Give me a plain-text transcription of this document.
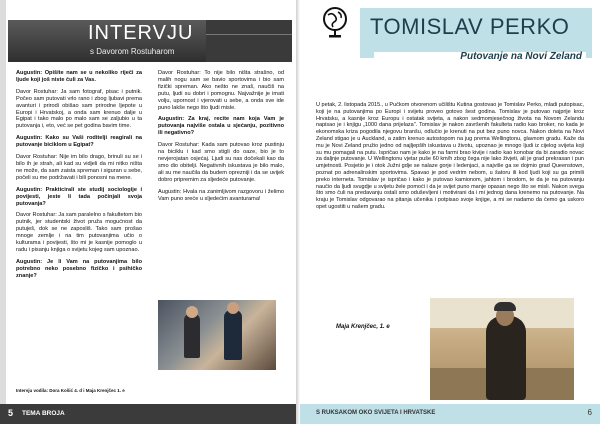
INTERVJU
s Davorom Rostuharom

Augustin: Opišite nam se u nekoliko riječi za ljude koji još niste čuli za Vas.

Davor Rostuhar: Ja sam fotograf, pisac i putnik. Počeo sam putovati vrlo rano i zbog ljubavi prema avanturi i prirodi obišao sam prirodne ljepote u Europi i Hrvatskoj, a onda sam krenuo dalje u Egipat i tako malo po malo sam se zaljubio u ta putovanja i, eto, već se pet godina bavim time.

Augustin: Kako su Vaši roditelji reagirali na putovanje biciklom u Egipat?

Davor Rostuhar: Nije im bilo drago, brinuli su se i bilo ih je strah, ali kad su vidjeli da mi nitko ništa ne može, da sam zaista spreman i siguran u sebe, počeli su me podržavati i bili ponosni na mene.

Augustin: Prakticirali ste studij sociologije i povijesti, jeste li tada počinjali svoja putovanja?

Davor Rostuhar: Ja sam paralelno s fakultetom bio putnik, jer studentski život pruža mogućnost da putuješ, dok se ne zaposliš. Tako sam prošao mnoge zemlje i na tim putovanjima učio o kulturama i povijesti, što mi je kasnije pomoglo u radu i pisanju knjiga o svijetu kojeg sam upoznao.

Augustin: Je li Vam na putovanjima bilo potrebno neko posebno fizičko i psihičko znanje?

Davor Rostuhar: To nije bilo ništa strašno, od malih nogu sam se bavio sportovima i bio sam fizički spreman. Ako nešto ne znaš, naučiš na putu, ljudi su dobri i pomognu. Najvažnije je imati volju, upornost i vjerovati u sebe, a onda sve ide puno lakše nego što ljudi misle.

Augustin: Za kraj, recite nam koja Vam je putovanja najviše ostala u sjećanju, pozitivno ili negativno?

Davor Rostuhar: Kada sam putovao kroz pustinju na biciklu i kad smo stigli do oaze, bio je to nevjerojatan osjećaj. Ljudi su nas dočekali kao da smo dio obitelji. Negativnih iskustava je bilo malo, ali su me naučila da budem oprezniji i da se uvijek dobro pripremim za sljedeće putovanje.

Augustin: Hvala na zanimljivom razgovoru i želimo Vam puno sreće u sljedećim avanturama!

Intervju vodila: Dora Košić 4. d i Maja Krenjčec 1. e
5 TEMA BROJA
TOMISLAV PERKO
Putovanje na Novi Zeland

U petak, 2. listopada 2015., u Pučkom otvorenom učilištu Kutina gostovao je Tomislav Perko, mladi putopisac, koji je na putovanjima po Europi i svijetu proveo gotovo šest godina. Tomislav je putovao najprije kroz Hrvatsku, a kasnije kroz Europu i ostatak svijeta, a nakon sedmomjesečnog života na Novom Zelandu napisao je i knjigu „1000 dana prijelaza". Tomislav je nakon završenih fakulteta radio kao broker, no kada je ekonomska kriza pogodila njegovu branšu, odlučio je krenuti na put bez puno novca. Nakon doleta na Novi Zeland stigao je u Auckland, a zatim krenuo autostopom na jug prema Wellingtonu, glavnom gradu. Kaže da mu je Novi Zeland pružio jedno od najljepših iskustava u životu, upoznao je mnogo ljudi iz cijelog svijeta koji su mu pomagali na putu. Ispričao nam je kako je na farmi brao kivije i radio kao konobar da bi zaradio novac za daljnje putovanje. U Wellingtonu vjetar puše 60 km/h zbog čega nije lako živjeti, ali je grad prekrasan i pun umjetnosti. Posjetio je i otok Južni gdje se nalaze gorje i ledenjaci, a najviše ga se dojmio grad Queenstown, poznat po adrenalinskim sportovima. Spavao je pod vedrim nebom, u šatoru ili kod ljudi koji su ga primili preko interneta. Tomislav je ispričao i kako je putovao kamionom, jahtom i brodom, te da je na putovanju naučio da ljudi svugdje u svijetu žele pomoći i da je svijet puno manje opasan nego što se misli. Nakon svega što smo čuli na predavanju ostali smo oduševljeni i motivirani da i mi jednog dana krenemo na putovanje. Na kraju je Tomislav odgovarao na pitanja učenika i potpisao svoje knjige, a mi se nadamo da ćemo ga uskoro opet ugostiti u našem gradu.

Maja Krenjčec, 1. e
S RUKSAKOM OKO SVIJETA I HRVATSKE	6
